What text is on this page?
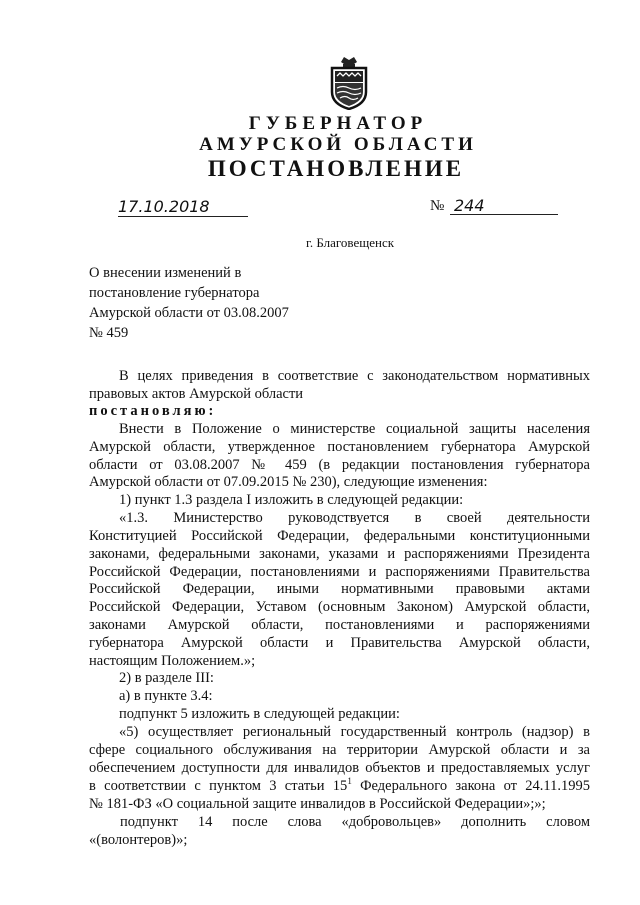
ГУБЕРНАТОР
АМУРСКОЙ ОБЛАСТИ
ПОСТАНОВЛЕНИЕ
17.10.2018	№ 244
г. Благовещенск
О внесении изменений в
постановление губернатора
Амурской области от 03.08.2007
№ 459
В целях приведения в соответствие с законодательством нормативных
правовых актов Амурской области
постановляю:
Внести в Положение о министерстве социальной защиты населения
Амурской области, утвержденное постановлением губернатора Амурской
области от 03.08.2007 № 459 (в редакции постановления губернатора
Амурской области от 07.09.2015 № 230), следующие изменения:
1) пункт 1.3 раздела I изложить в следующей редакции:
«1.3. Министерство руководствуется в своей деятельности
Конституцией Российской Федерации, федеральными конституционными
законами, федеральными законами, указами и распоряжениями Президента
Российской Федерации, постановлениями и распоряжениями Правительства
Российской Федерации, иными нормативными правовыми актами
Российской Федерации, Уставом (основным Законом) Амурской области,
законами Амурской области, постановлениями и распоряжениями
губернатора Амурской области и Правительства Амурской области,
настоящим Положением.»;
2) в разделе III:
а) в пункте 3.4:
подпункт 5 изложить в следующей редакции:
«5) осуществляет региональный государственный контроль (надзор) в
сфере социального обслуживания на территории Амурской области и за
обеспечением доступности для инвалидов объектов и предоставляемых услуг
в соответствии с пунктом 3 статьи $15^1$ Федерального закона от 24.11.1995
№ 181-ФЗ «О социальной защите инвалидов в Российской Федерации»;»;
подпункт 14 после слова «добровольцев» дополнить словом
«(волонтеров)»;
